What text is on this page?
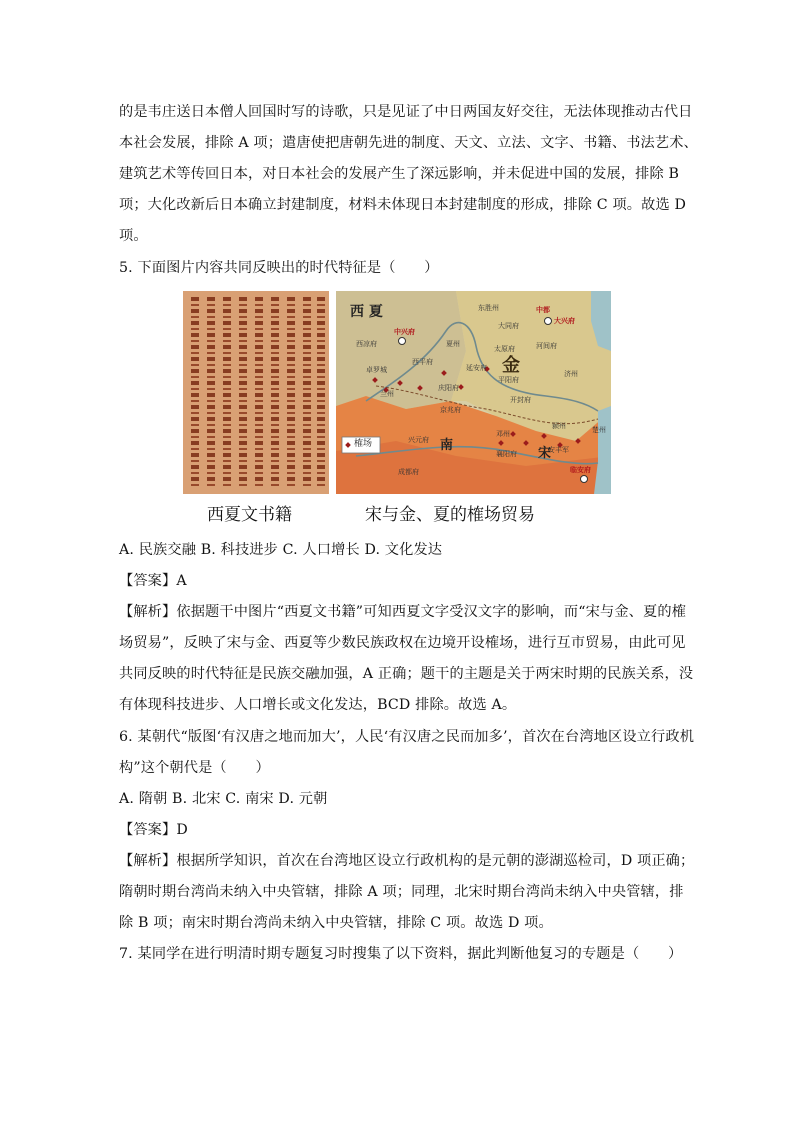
的是韦庄送日本僧人回国时写的诗歌，只是见证了中日两国友好交往，无法体现推动古代日
本社会发展，排除 A 项；遣唐使把唐朝先进的制度、天文、立法、文字、书籍、书法艺术、
建筑艺术等传回日本，对日本社会的发展产生了深远影响，并未促进中国的发展，排除 B
项；大化改新后日本确立封建制度，材料未体现日本封建制度的形成，排除 C 项。故选 D
项。
5. 下面图片内容共同反映出的时代特征是（　　）
西 夏
金
南
宋
榷场
中兴府
中都
大兴府
东胜州
大同府
西凉府	夏州
太原府	河间府
卓罗城
西平府
延安府
平阳府
济州
庆阳府
开封府
成都府
兴元府
邓州
襄阳府	安丰军
颍州	楚州
临安府
京兆府
兰州
西夏文书籍	宋与金、夏的榷场贸易
A. 民族交融 B. 科技进步 C. 人口增长 D. 文化发达
【答案】A
【解析】依据题干中图片“西夏文书籍”可知西夏文字受汉文字的影响，而“宋与金、夏的榷
场贸易”，反映了宋与金、西夏等少数民族政权在边境开设榷场，进行互市贸易，由此可见
共同反映的时代特征是民族交融加强，A 正确；题干的主题是关于两宋时期的民族关系，没
有体现科技进步、人口增长或文化发达，BCD 排除。故选 A。
6. 某朝代“版图‘有汉唐之地而加大’，人民‘有汉唐之民而加多’，首次在台湾地区设立行政机
构”这个朝代是（　　）
A. 隋朝 B. 北宋 C. 南宋 D. 元朝
【答案】D
【解析】根据所学知识，首次在台湾地区设立行政机构的是元朝的澎湖巡检司，D 项正确；
隋朝时期台湾尚未纳入中央管辖，排除 A 项；同理，北宋时期台湾尚未纳入中央管辖，排
除 B 项；南宋时期台湾尚未纳入中央管辖，排除 C 项。故选 D 项。
7. 某同学在进行明清时期专题复习时搜集了以下资料，据此判断他复习的专题是（　　）
